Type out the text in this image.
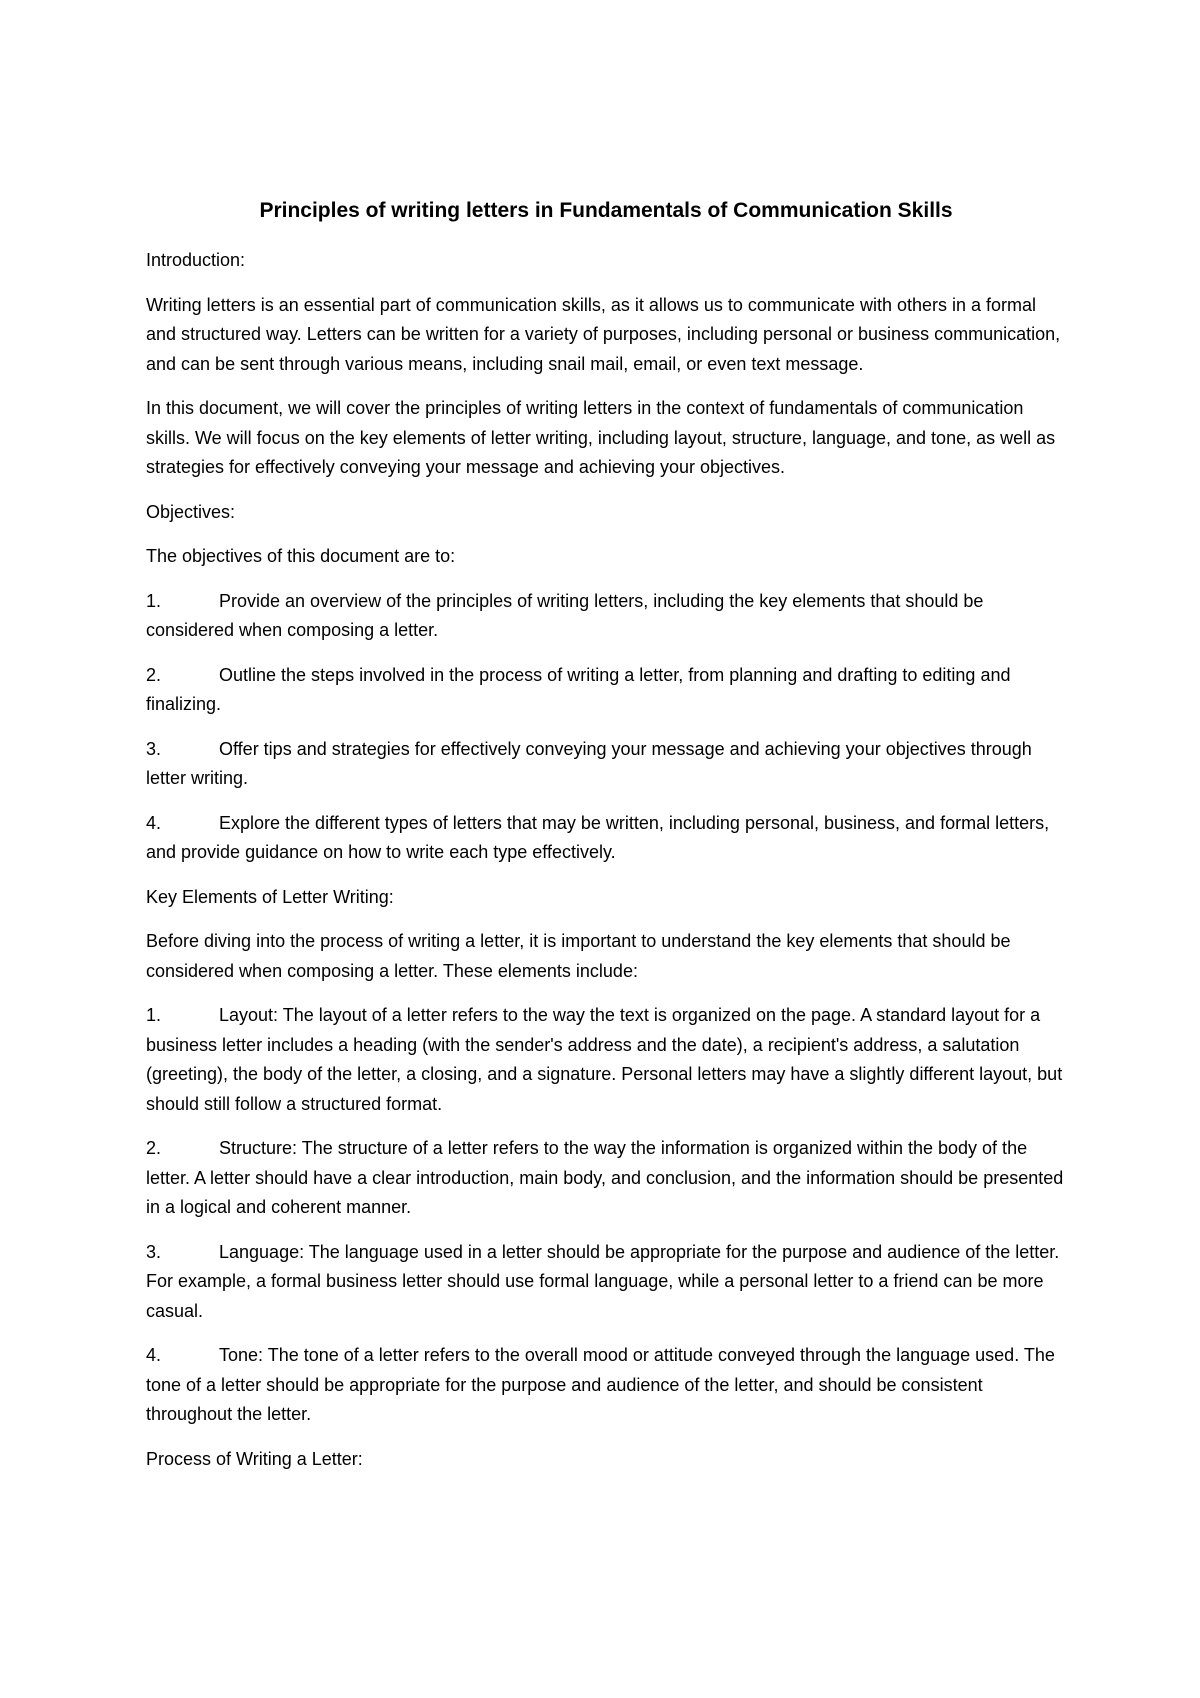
Principles of writing letters in Fundamentals of Communication Skills

Introduction:

Writing letters is an essential part of communication skills, as it allows us to communicate with others in a formal and structured way. Letters can be written for a variety of purposes, including personal or business communication, and can be sent through various means, including snail mail, email, or even text message.

In this document, we will cover the principles of writing letters in the context of fundamentals of communication skills. We will focus on the key elements of letter writing, including layout, structure, language, and tone, as well as strategies for effectively conveying your message and achieving your objectives.

Objectives:

The objectives of this document are to:

1.	Provide an overview of the principles of writing letters, including the key elements that should be considered when composing a letter.
2.	Outline the steps involved in the process of writing a letter, from planning and drafting to editing and finalizing.
3.	Offer tips and strategies for effectively conveying your message and achieving your objectives through letter writing.
4.	Explore the different types of letters that may be written, including personal, business, and formal letters, and provide guidance on how to write each type effectively.

Key Elements of Letter Writing:

Before diving into the process of writing a letter, it is important to understand the key elements that should be considered when composing a letter. These elements include:

1.	Layout: The layout of a letter refers to the way the text is organized on the page. A standard layout for a business letter includes a heading (with the sender's address and the date), a recipient's address, a salutation (greeting), the body of the letter, a closing, and a signature. Personal letters may have a slightly different layout, but should still follow a structured format.
2.	Structure: The structure of a letter refers to the way the information is organized within the body of the letter. A letter should have a clear introduction, main body, and conclusion, and the information should be presented in a logical and coherent manner.
3.	Language: The language used in a letter should be appropriate for the purpose and audience of the letter. For example, a formal business letter should use formal language, while a personal letter to a friend can be more casual.
4.	Tone: The tone of a letter refers to the overall mood or attitude conveyed through the language used. The tone of a letter should be appropriate for the purpose and audience of the letter, and should be consistent throughout the letter.

Process of Writing a Letter:
